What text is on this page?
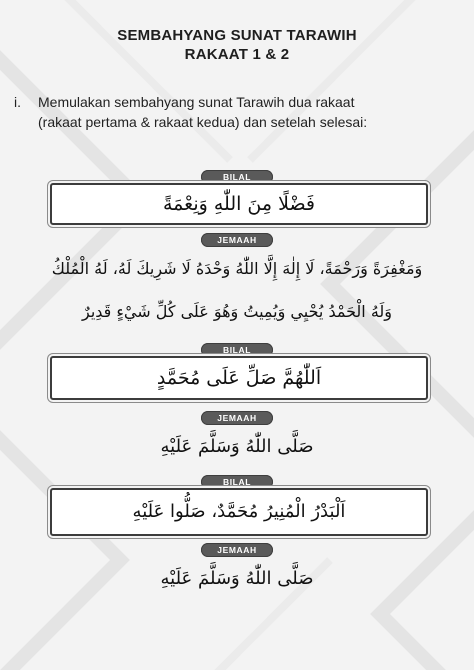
SEMBAHYANG SUNAT TARAWIH
RAKAAT 1 & 2
i. Memulakan sembahyang sunat Tarawih dua rakaat (rakaat pertama & rakaat kedua) dan setelah selesai:
BILAL
فَضْلًا مِنَ اللّٰهِ وَنِعْمَةً
JEMAAH
وَمَغْفِرَةً وَرَحْمَةً، لَا إِلٰهَ إِلَّا اللّٰهُ وَحْدَهُ لَا شَرِيكَ لَهُ، لَهُ الْمُلْكُ
وَلَهُ الْحَمْدُ يُحْيِي وَيُمِيتُ وَهُوَ عَلَى كُلِّ شَيْءٍ قَدِيرٌ
BILAL
اَللّٰهُمَّ صَلِّ عَلَى مُحَمَّدٍ
JEMAAH
صَلَّى اللّٰهُ وَسَلَّمَ عَلَيْهِ
BILAL
اَلْبَدْرُ الْمُنِيرُ مُحَمَّدٌ، صَلُّوا عَلَيْهِ
JEMAAH
صَلَّى اللّٰهُ وَسَلَّمَ عَلَيْهِ
